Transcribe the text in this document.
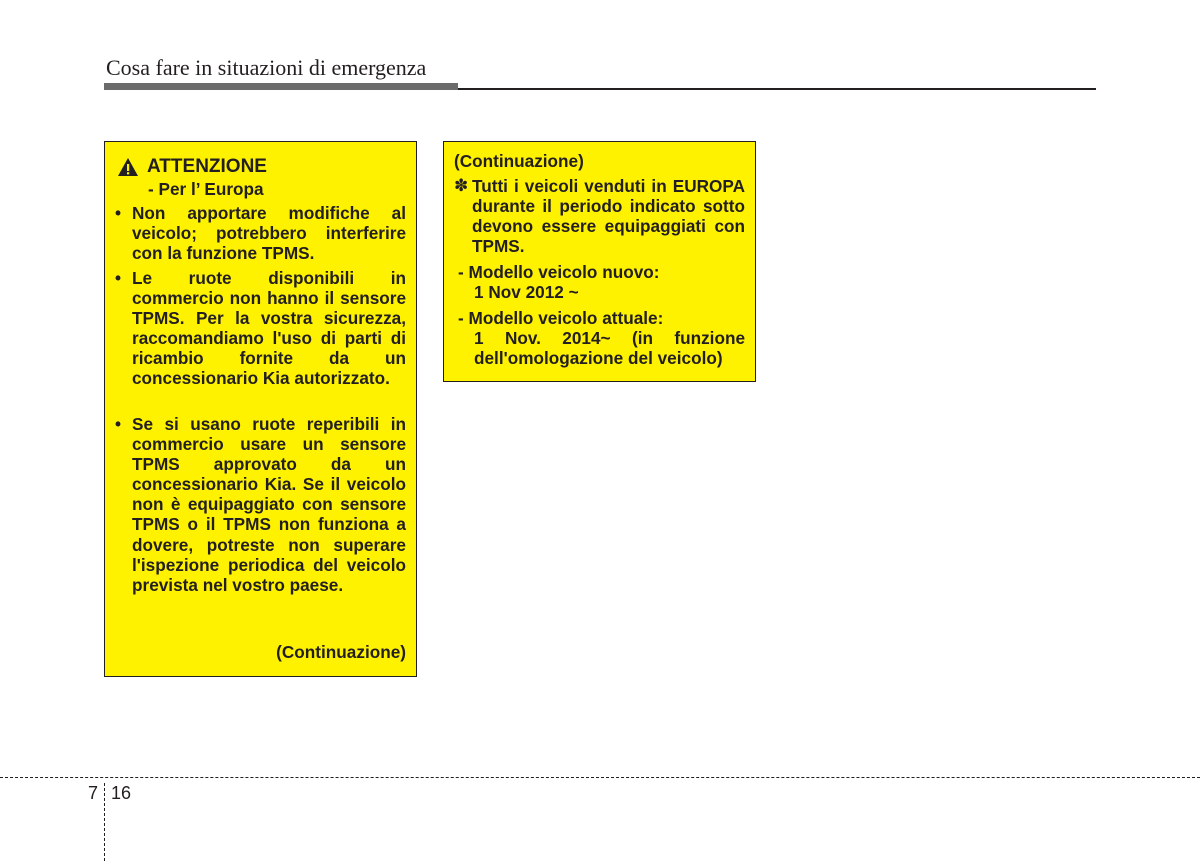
Cosa fare in situazioni di emergenza
ATTENZIONE
- Per l’ Europa
• Non apportare modifiche al veicolo; potrebbero interferire con la funzione TPMS.
• Le ruote disponibili in commercio non hanno il sensore TPMS. Per la vostra sicurezza, raccomandiamo l'uso di parti di ricambio fornite da un concessionario Kia autorizzato.
• Se si usano ruote reperibili in commercio usare un sensore TPMS approvato da un concessionario Kia. Se il veicolo non è equipaggiato con sensore TPMS o il TPMS non funziona a dovere, potreste non superare l'ispezione periodica del veicolo prevista nel vostro paese.
(Continuazione)
(Continuazione)
✽ Tutti i veicoli venduti in EUROPA durante il periodo indicato sotto devono essere equipaggiati con TPMS.
- Modello veicolo nuovo:
1 Nov 2012 ~
- Modello veicolo attuale:
1 Nov. 2014~ (in funzione dell'omologazione del veicolo)
7 16
